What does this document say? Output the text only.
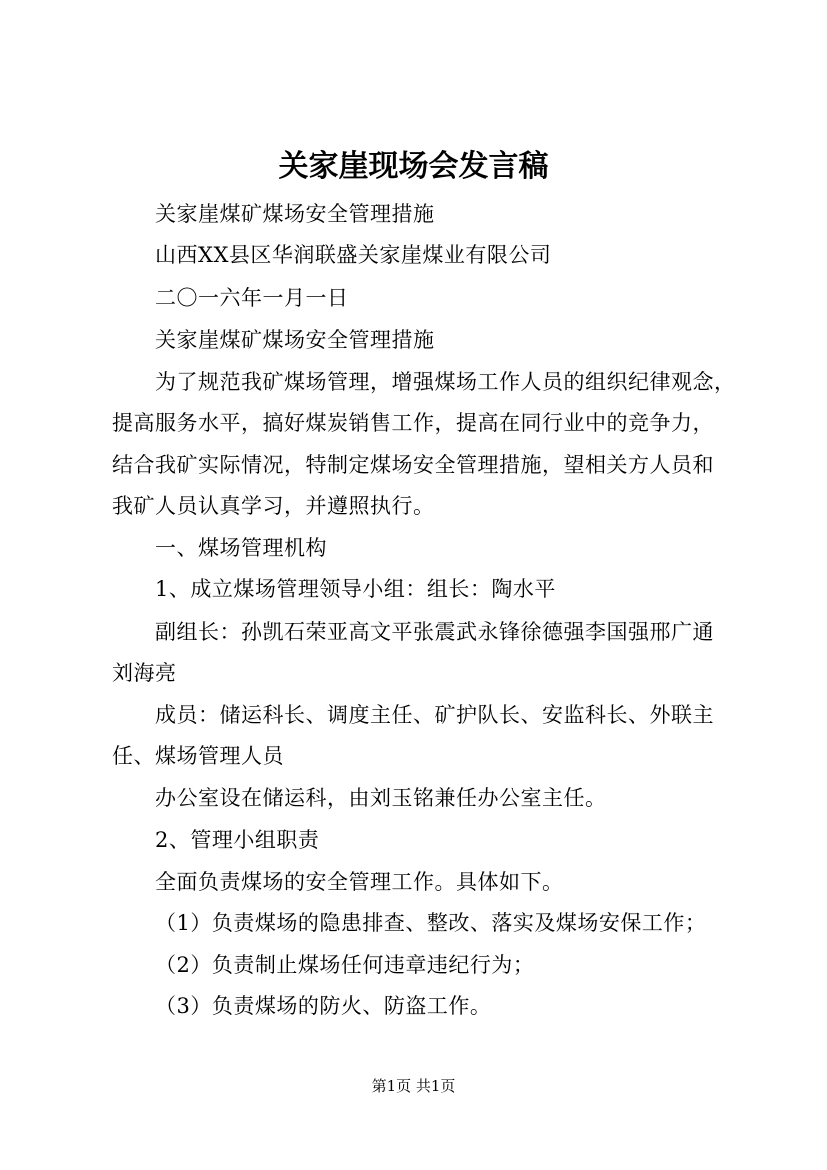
关家崖现场会发言稿
关家崖煤矿煤场安全管理措施
山西XX县区华润联盛关家崖煤业有限公司
二〇一六年一月一日
关家崖煤矿煤场安全管理措施
为了规范我矿煤场管理，增强煤场工作人员的组织纪律观念，
提高服务水平，搞好煤炭销售工作，提高在同行业中的竞争力，
结合我矿实际情况，特制定煤场安全管理措施，望相关方人员和
我矿人员认真学习，并遵照执行。
一、煤场管理机构
1、成立煤场管理领导小组：组长：陶水平
副组长：孙凯石荣亚高文平张震武永锋徐德强李国强邢广通
刘海亮
成员：储运科长、调度主任、矿护队长、安监科长、外联主
任、煤场管理人员
办公室设在储运科，由刘玉铭兼任办公室主任。
2、管理小组职责
全面负责煤场的安全管理工作。具体如下。
（1）负责煤场的隐患排查、整改、落实及煤场安保工作；
（2）负责制止煤场任何违章违纪行为；
（3）负责煤场的防火、防盗工作。
第1页 共1页
